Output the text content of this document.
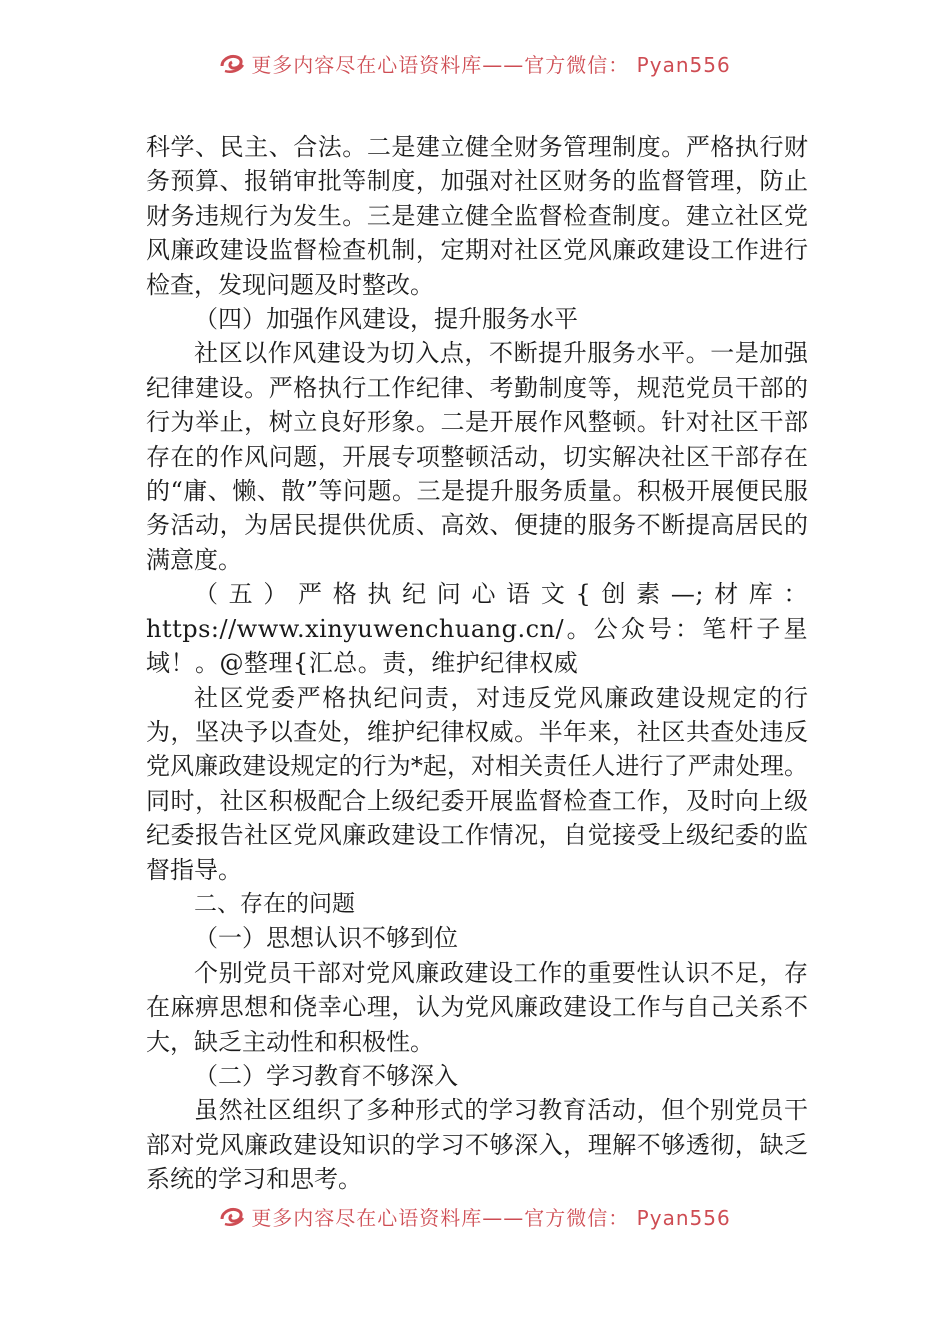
更多内容尽在心语资料库——官方微信： Pyan556

科学、民主、合法。二是建立健全财务管理制度。严格执行财务预算、报销审批等制度，加强对社区财务的监督管理，防止财务违规行为发生。三是建立健全监督检查制度。建立社区党风廉政建设监督检查机制，定期对社区党风廉政建设工作进行检查，发现问题及时整改。

（四）加强作风建设，提升服务水平

社区以作风建设为切入点，不断提升服务水平。一是加强纪律建设。严格执行工作纪律、考勤制度等，规范党员干部的行为举止，树立良好形象。二是开展作风整顿。针对社区干部存在的作风问题，开展专项整顿活动，切实解决社区干部存在的“庸、懒、散”等问题。三是提升服务质量。积极开展便民服务活动，为居民提供优质、高效、便捷的服务不断提高居民的满意度。

（五）严格执纪问心语文{创素—;材库：https://www.xinyuwenchuang.cn/。公众号：笔杆子星域！。@整理{汇总。责，维护纪律权威

社区党委严格执纪问责，对违反党风廉政建设规定的行为，坚决予以查处，维护纪律权威。半年来，社区共查处违反党风廉政建设规定的行为*起，对相关责任人进行了严肃处理。同时，社区积极配合上级纪委开展监督检查工作，及时向上级纪委报告社区党风廉政建设工作情况，自觉接受上级纪委的监督指导。

二、存在的问题

（一）思想认识不够到位

个别党员干部对党风廉政建设工作的重要性认识不足，存在麻痹思想和侥幸心理，认为党风廉政建设工作与自己关系不大，缺乏主动性和积极性。

（二）学习教育不够深入

虽然社区组织了多种形式的学习教育活动，但个别党员干部对党风廉政建设知识的学习不够深入，理解不够透彻，缺乏系统的学习和思考。

更多内容尽在心语资料库——官方微信： Pyan556
